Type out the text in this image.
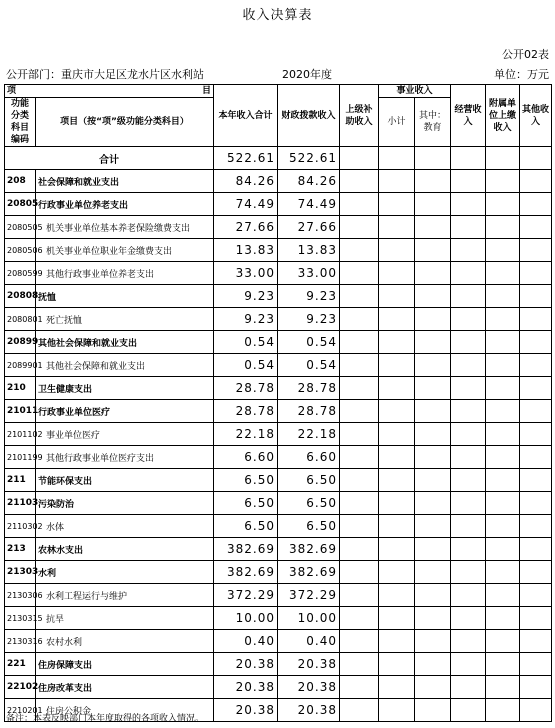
收入决算表
公开02表
公开部门：重庆市大足区龙水片区水利站	2020年度	单位：万元
项 目		本年收入合计	财政拨款收入	上级补助收入	事业收入		经营收入	附属单位上缴收入	其他收入
功能分类科目编码	项目（按“项”级功能分类科目）								
					小计	其中：教育			
合计		522.61	522.61						
208	社会保障和就业支出	84.26	84.26						
20805	行政事业单位养老支出	74.49	74.49						
2080505	机关事业单位基本养老保险缴费支出	27.66	27.66						
2080506	机关事业单位职业年金缴费支出	13.83	13.83						
2080599	其他行政事业单位养老支出	33.00	33.00						
20808	抚恤	9.23	9.23						
2080801	死亡抚恤	9.23	9.23						
20899	其他社会保障和就业支出	0.54	0.54						
2089901	其他社会保障和就业支出	0.54	0.54						
210	卫生健康支出	28.78	28.78						
21011	行政事业单位医疗	28.78	28.78						
2101102	事业单位医疗	22.18	22.18						
2101199	其他行政事业单位医疗支出	6.60	6.60						
211	节能环保支出	6.50	6.50						
21103	污染防治	6.50	6.50						
2110302	水体	6.50	6.50						
213	农林水支出	382.69	382.69						
21303	水利	382.69	382.69						
2130306	水利工程运行与维护	372.29	372.29						
2130315	抗旱	10.00	10.00						
2130316	农村水利	0.40	0.40						
221	住房保障支出	20.38	20.38						
22102	住房改革支出	20.38	20.38						
2210201	住房公积金	20.38	20.38						
备注：本表反映部门本年度取得的各项收入情况。
